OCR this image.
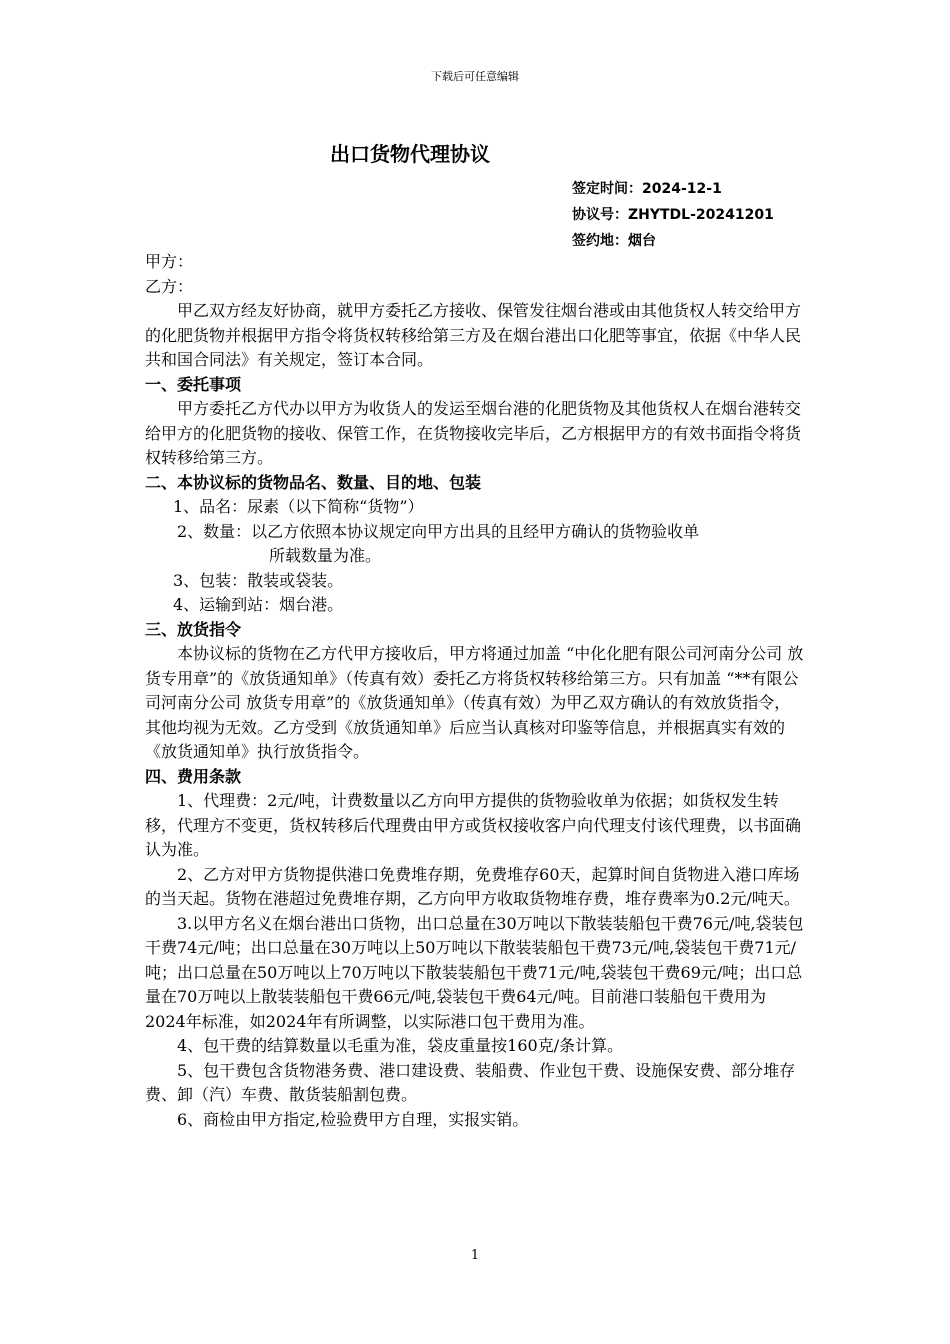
下载后可任意编辑
出口货物代理协议
签定时间：2024-12-1
协议号：ZHYTDL-20241201
签约地：烟台

甲方：

乙方：

甲乙双方经友好协商，就甲方委托乙方接收、保管发往烟台港或由其他货权人转交给甲方的化肥货物并根据甲方指令将货权转移给第三方及在烟台港出口化肥等事宜，依据《中华人民共和国合同法》有关规定，签订本合同。

一、委托事项

甲方委托乙方代办以甲方为收货人的发运至烟台港的化肥货物及其他货权人在烟台港转交给甲方的化肥货物的接收、保管工作，在货物接收完毕后，乙方根据甲方的有效书面指令将货权转移给第三方。

二、本协议标的货物品名、数量、目的地、包装

1、品名：尿素（以下简称“货物”）

2、数量：以乙方依照本协议规定向甲方出具的且经甲方确认的货物验收单

所载数量为准。

3、包装：散装或袋装。

4、运输到站：烟台港。

三、放货指令

本协议标的货物在乙方代甲方接收后，甲方将通过加盖 “中化化肥有限公司河南分公司 放货专用章”的《放货通知单》（传真有效）委托乙方将货权转移给第三方。只有加盖 “**有限公司河南分公司 放货专用章”的《放货通知单》（传真有效）为甲乙双方确认的有效放货指令，其他均视为无效。乙方受到《放货通知单》后应当认真核对印鉴等信息，并根据真实有效的《放货通知单》执行放货指令。

四、费用条款

1、代理费：2元/吨，计费数量以乙方向甲方提供的货物验收单为依据；如货权发生转移，代理方不变更，货权转移后代理费由甲方或货权接收客户向代理支付该代理费，以书面确认为准。

2、乙方对甲方货物提供港口免费堆存期，免费堆存60天，起算时间自货物进入港口库场的当天起。货物在港超过免费堆存期，乙方向甲方收取货物堆存费，堆存费率为0.2元/吨天。

3.以甲方名义在烟台港出口货物，出口总量在30万吨以下散装装船包干费76元/吨,袋装包干费74元/吨；出口总量在30万吨以上50万吨以下散装装船包干费73元/吨,袋装包干费71元/吨；出口总量在50万吨以上70万吨以下散装装船包干费71元/吨,袋装包干费69元/吨；出口总量在70万吨以上散装装船包干费66元/吨,袋装包干费64元/吨。目前港口装船包干费用为2024年标准，如2024年有所调整，以实际港口包干费用为准。

4、包干费的结算数量以毛重为准，袋皮重量按160克/条计算。

5、包干费包含货物港务费、港口建设费、装船费、作业包干费、设施保安费、部分堆存费、卸（汽）车费、散货装船割包费。

6、商检由甲方指定,检验费甲方自理，实报实销。

1
